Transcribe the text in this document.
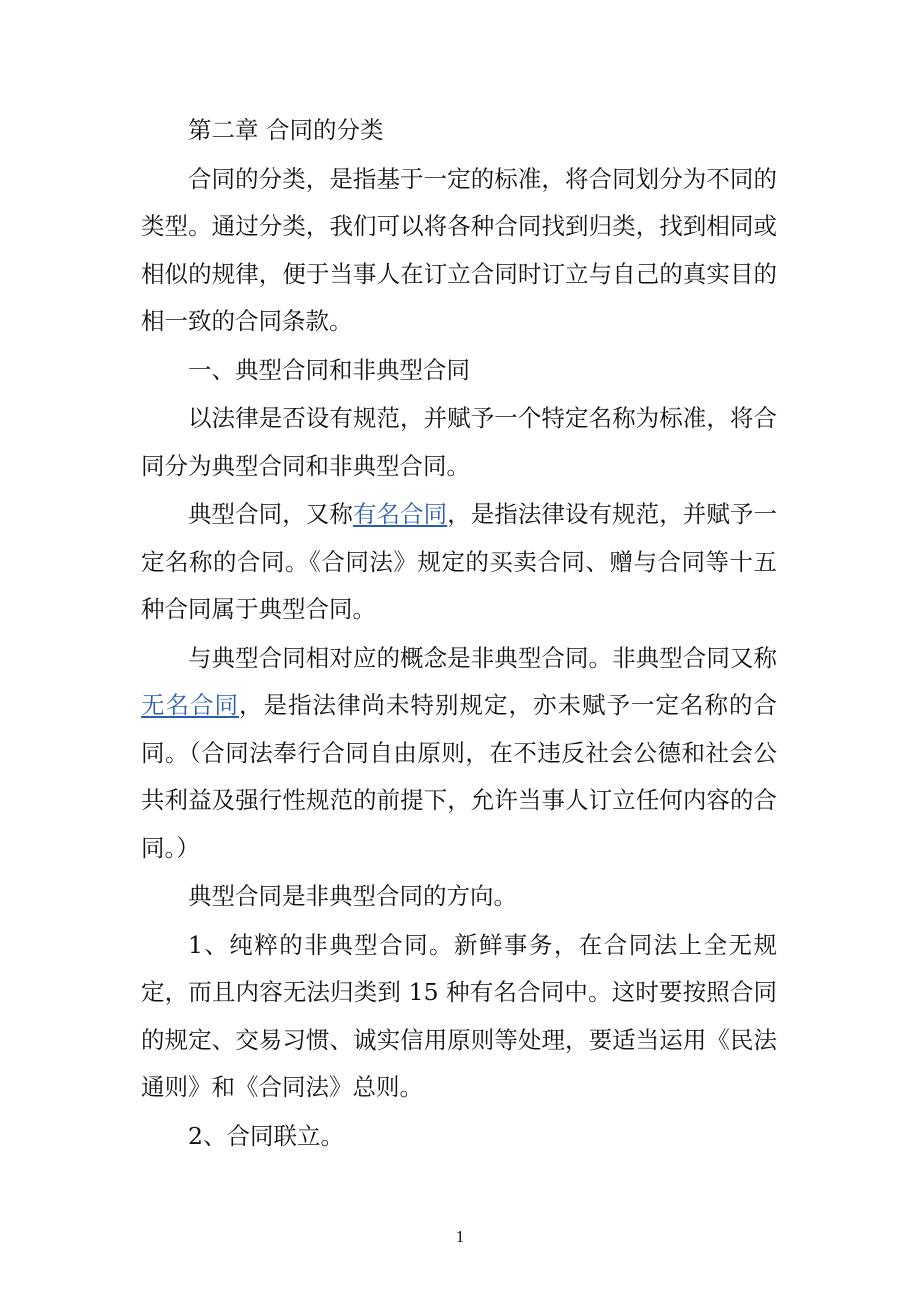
第二章 合同的分类

合同的分类，是指基于一定的标准，将合同划分为不同的类型。通过分类，我们可以将各种合同找到归类，找到相同或相似的规律，便于当事人在订立合同时订立与自己的真实目的相一致的合同条款。

一、典型合同和非典型合同

以法律是否设有规范，并赋予一个特定名称为标准，将合同分为典型合同和非典型合同。

典型合同，又称有名合同，是指法律设有规范，并赋予一定名称的合同。《合同法》规定的买卖合同、赠与合同等十五种合同属于典型合同。

与典型合同相对应的概念是非典型合同。非典型合同又称无名合同，是指法律尚未特别规定，亦未赋予一定名称的合同。（合同法奉行合同自由原则，在不违反社会公德和社会公共利益及强行性规范的前提下，允许当事人订立任何内容的合同。）

典型合同是非典型合同的方向。

1、纯粹的非典型合同。新鲜事务，在合同法上全无规定，而且内容无法归类到 15 种有名合同中。这时要按照合同的规定、交易习惯、诚实信用原则等处理，要适当运用《民法通则》和《合同法》总则。

2、合同联立。

1
